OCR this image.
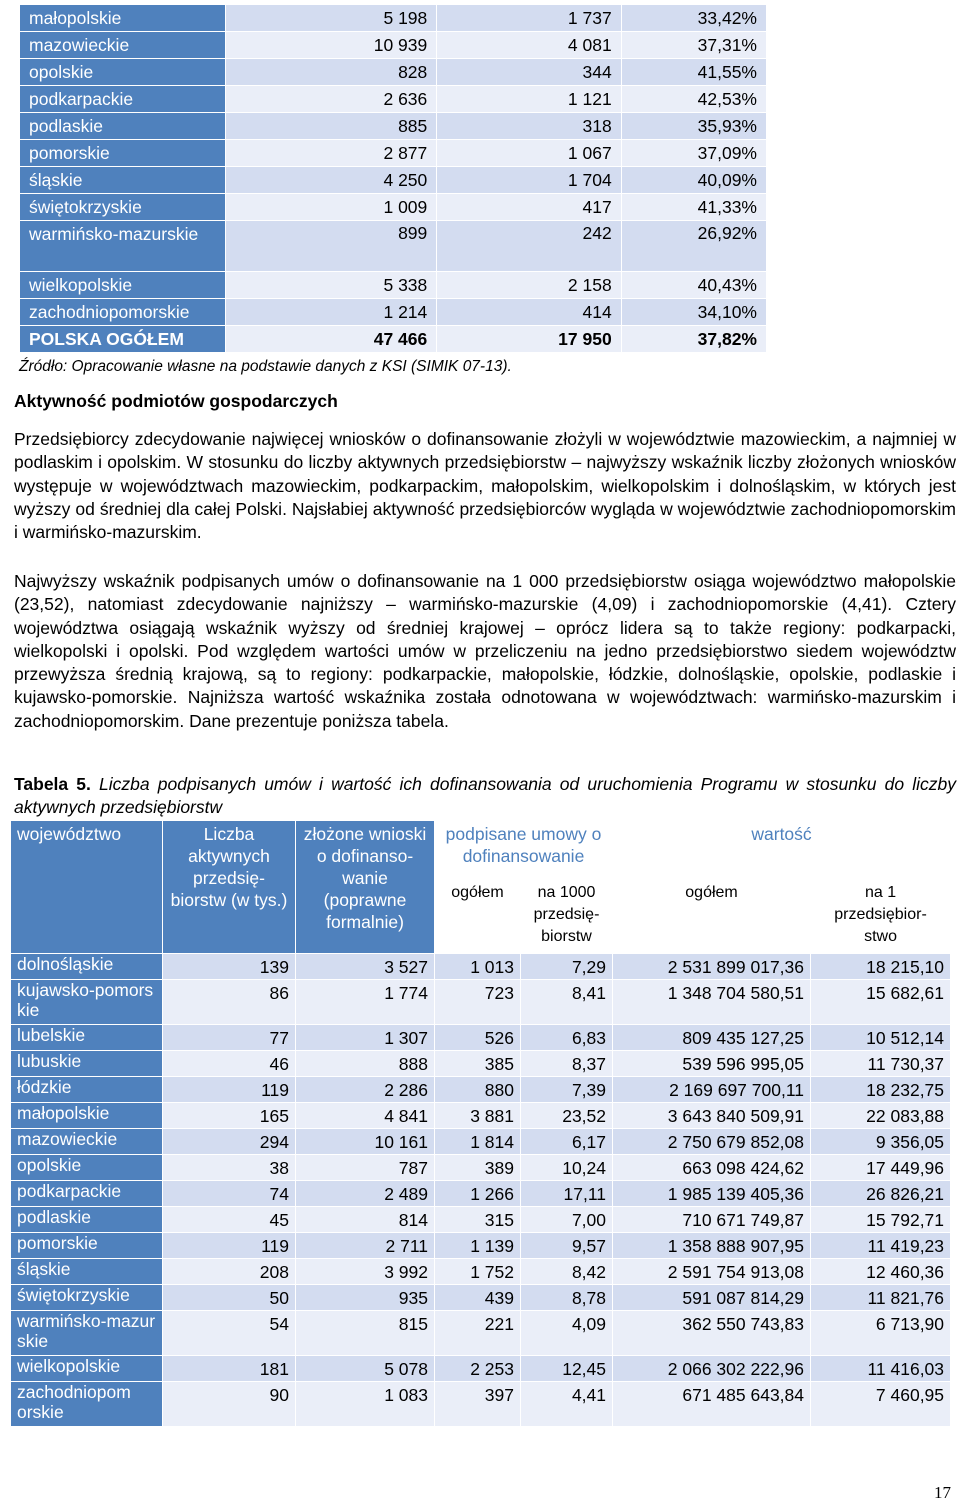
małopolskie	5 198	1 737	33,42%
mazowieckie	10 939	4 081	37,31%
opolskie	828	344	41,55%
podkarpackie	2 636	1 121	42,53%
podlaskie	885	318	35,93%
pomorskie	2 877	1 067	37,09%
śląskie	4 250	1 704	40,09%
świętokrzyskie	1 009	417	41,33%
warmińsko-mazurskie	899	242	26,92%
wielkopolskie	5 338	2 158	40,43%
zachodniopomorskie	1 214	414	34,10%
POLSKA OGÓŁEM	47 466	17 950	37,82%
Źródło: Opracowanie własne na podstawie danych z KSI (SIMIK 07-13).
Aktywność podmiotów gospodarczych
Przedsiębiorcy zdecydowanie najwięcej wniosków o dofinansowanie złożyli w województwie mazowieckim, a najmniej w podlaskim i opolskim. W stosunku do liczby aktywnych przedsiębiorstw – najwyższy wskaźnik liczby złożonych wniosków występuje w województwach mazowieckim, podkarpackim, małopolskim, wielkopolskim i dolnośląskim, w których jest wyższy od średniej dla całej Polski. Najsłabiej aktywność przedsiębiorców wygląda w województwie zachodniopomorskim i warmińsko-mazurskim.
Najwyższy wskaźnik podpisanych umów o dofinansowanie na 1 000 przedsiębiorstw osiąga województwo małopolskie (23,52), natomiast zdecydowanie najniższy – warmińsko-mazurskie (4,09) i zachodniopomorskie (4,41). Cztery województwa osiągają wskaźnik wyższy od średniej krajowej – oprócz lidera są to także regiony: podkarpacki, wielkopolski i opolski. Pod względem wartości umów w przeliczeniu na jedno przedsiębiorstwo siedem województw przewyższa średnią krajową, są to regiony: podkarpackie, małopolskie, łódzkie, dolnośląskie, opolskie, podlaskie i kujawsko-pomorskie. Najniższa wartość wskaźnika została odnotowana w województwach: warmińsko-mazurskim i zachodniopomorskim. Dane prezentuje poniższa tabela.
Tabela 5. Liczba podpisanych umów i wartość ich dofinansowania od uruchomienia Programu w stosunku do liczby aktywnych przedsiębiorstw
województwo	Liczba aktywnych przedsię- biorstw (w tys.)	złożone wnioski o dofinanso- wanie (poprawne formalnie)	podpisane umowy o dofinansowanie		wartość	
			ogółem	na 1000 przedsię- biorstw	ogółem	na 1 przedsiębior- stwo
dolnośląskie	139	3 527	1 013	7,29	2 531 899 017,36	18 215,10
kujawsko-pomorskie	86	1 774	723	8,41	1 348 704 580,51	15 682,61
lubelskie	77	1 307	526	6,83	809 435 127,25	10 512,14
lubuskie	46	888	385	8,37	539 596 995,05	11 730,37
łódzkie	119	2 286	880	7,39	2 169 697 700,11	18 232,75
małopolskie	165	4 841	3 881	23,52	3 643 840 509,91	22 083,88
mazowieckie	294	10 161	1 814	6,17	2 750 679 852,08	9 356,05
opolskie	38	787	389	10,24	663 098 424,62	17 449,96
podkarpackie	74	2 489	1 266	17,11	1 985 139 405,36	26 826,21
podlaskie	45	814	315	7,00	710 671 749,87	15 792,71
pomorskie	119	2 711	1 139	9,57	1 358 888 907,95	11 419,23
śląskie	208	3 992	1 752	8,42	2 591 754 913,08	12 460,36
świętokrzyskie	50	935	439	8,78	591 087 814,29	11 821,76
warmińsko-mazurskie	54	815	221	4,09	362 550 743,83	6 713,90
wielkopolskie	181	5 078	2 253	12,45	2 066 302 222,96	11 416,03
zachodniopom orskie	90	1 083	397	4,41	671 485 643,84	7 460,95
17
